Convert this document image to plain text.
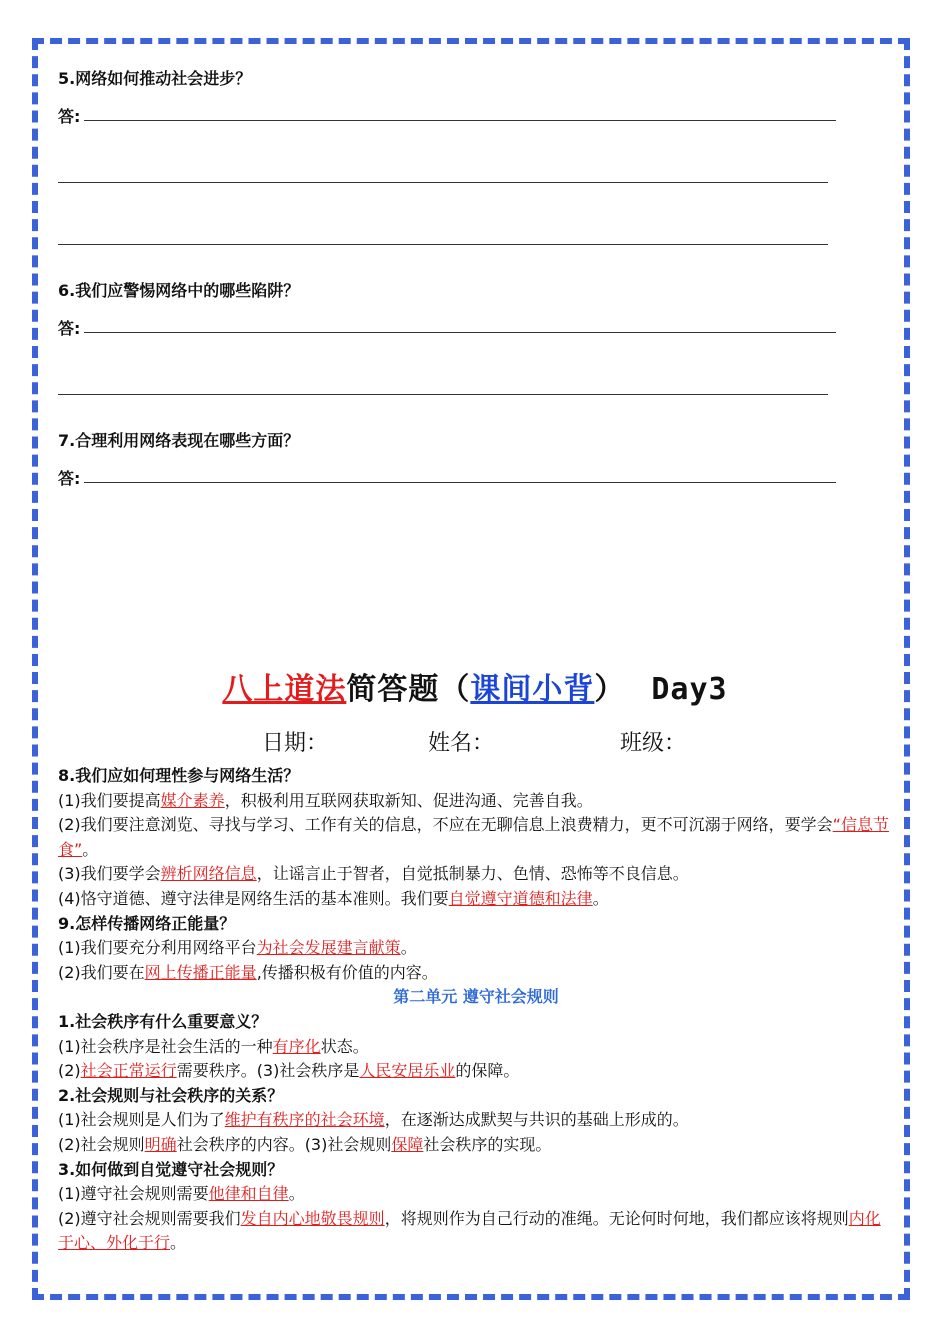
5.网络如何推动社会进步？
答:
6.我们应警惕网络中的哪些陷阱？
答:
7.合理利用网络表现在哪些方面？
答:
八上道法简答题（课间小背） Day3
日期：	姓名：	班级：

8.我们应如何理性参与网络生活？

(1)我们要提高媒介素养，积极利用互联网获取新知、促进沟通、完善自我。

(2)我们要注意浏览、寻找与学习、工作有关的信息，不应在无聊信息上浪费精力，更不可沉溺于网络，要学会“信息节食”。

(3)我们要学会辨析网络信息，让谣言止于智者，自觉抵制暴力、色情、恐怖等不良信息。

(4)恪守道德、遵守法律是网络生活的基本准则。我们要自觉遵守道德和法律。

9.怎样传播网络正能量？

(1)我们要充分利用网络平台为社会发展建言献策。

(2)我们要在网上传播正能量,传播积极有价值的内容。

第二单元 遵守社会规则

1.社会秩序有什么重要意义？

(1)社会秩序是社会生活的一种有序化状态。

(2)社会正常运行需要秩序。(3)社会秩序是人民安居乐业的保障。

2.社会规则与社会秩序的关系？

(1)社会规则是人们为了维护有秩序的社会环境，在逐渐达成默契与共识的基础上形成的。

(2)社会规则明确社会秩序的内容。(3)社会规则保障社会秩序的实现。

3.如何做到自觉遵守社会规则？

(1)遵守社会规则需要他律和自律。

(2)遵守社会规则需要我们发自内心地敬畏规则，将规则作为自己行动的准绳。无论何时何地，我们都应该将规则内化于心、外化于行。
